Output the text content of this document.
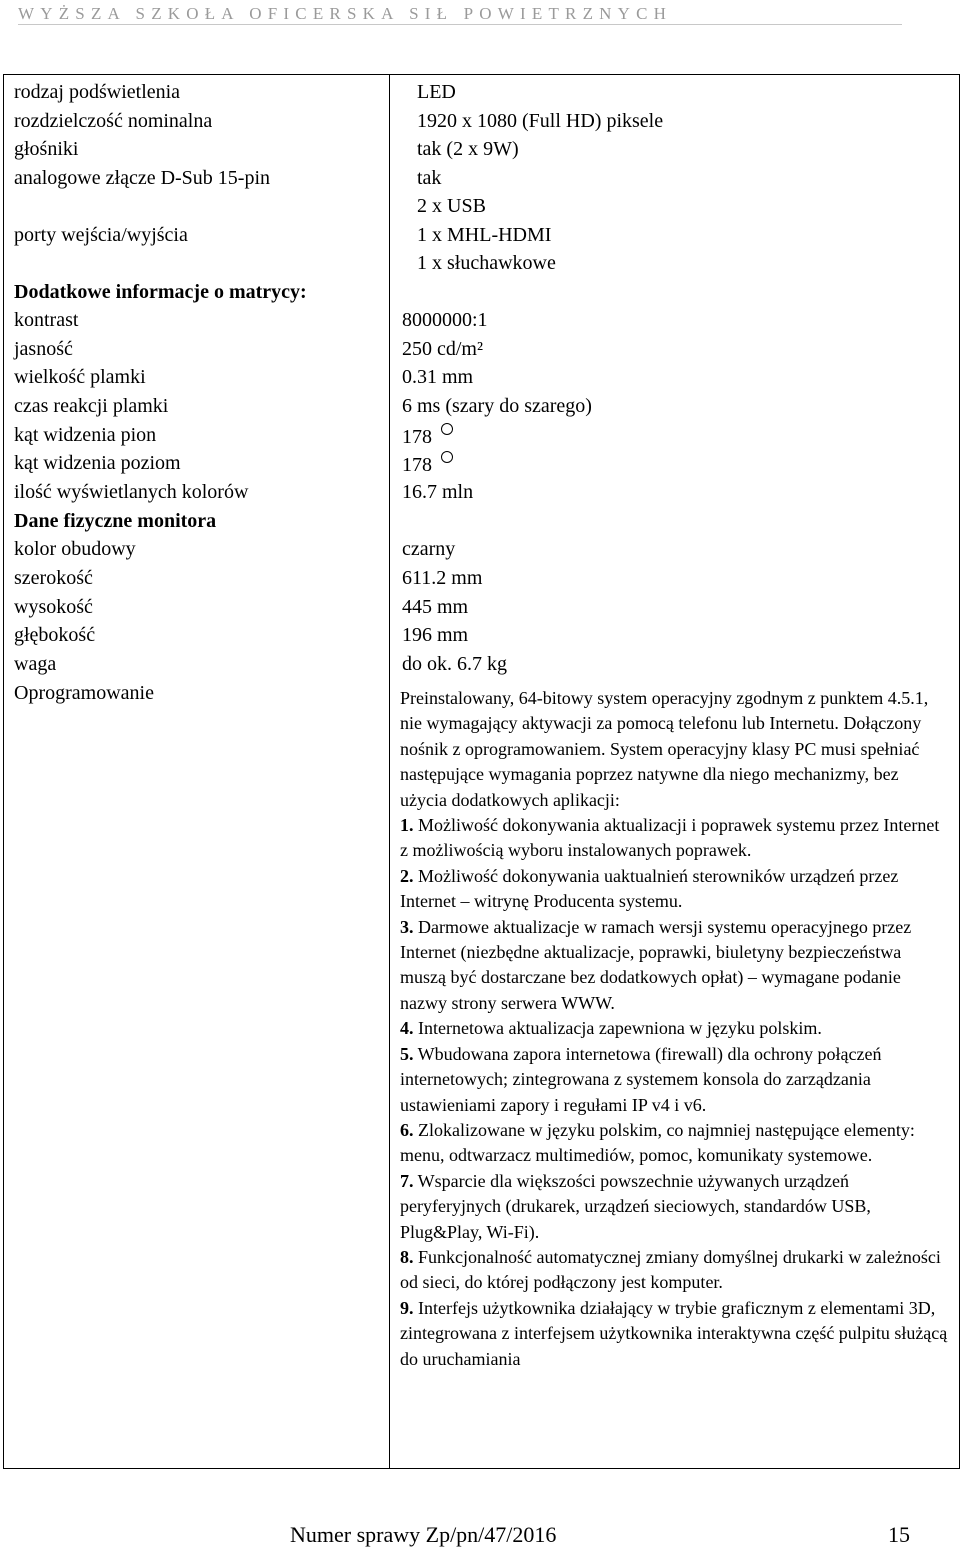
WYŻSZA SZKOŁA OFICERSKA SIŁ POWIETRZNYCH
rodzaj podświetlenia
rozdzielczość nominalna
głośniki
analogowe złącze D-Sub 15-pin
porty wejścia/wyjścia
Dodatkowe informacje o matrycy:
kontrast
jasność
wielkość plamki
czas reakcji plamki
kąt widzenia pion
kąt widzenia poziom
ilość wyświetlanych kolorów
Dane fizyczne monitora
kolor obudowy
szerokość
wysokość
głębokość
waga
Oprogramowanie
LED
1920 x 1080 (Full HD) piksele
tak (2 x 9W)
tak
2 x USB
1 x MHL-HDMI
1 x słuchawkowe
8000000:1
250 cd/m²
0.31 mm
6 ms (szary do szarego)
178
178
16.7 mln
czarny
611.2 mm
445 mm
196 mm
do ok. 6.7 kg

Preinstalowany, 64-bitowy system operacyjny zgodnym z punktem 4.5.1, nie wymagający aktywacji za pomocą telefonu lub Internetu. Dołączony nośnik z oprogramowaniem. System operacyjny klasy PC musi spełniać następujące wymagania poprzez natywne dla niego mechanizmy, bez użycia dodatkowych aplikacji:

1. Możliwość dokonywania aktualizacji i poprawek systemu przez Internet z możliwością wyboru instalowanych poprawek.

2. Możliwość dokonywania uaktualnień sterowników urządzeń przez Internet – witrynę Producenta systemu.

3. Darmowe aktualizacje w ramach wersji systemu operacyjnego przez Internet (niezbędne aktualizacje, poprawki, biuletyny bezpieczeństwa muszą być dostarczane bez dodatkowych opłat) – wymagane podanie nazwy strony serwera WWW.

4. Internetowa aktualizacja zapewniona w języku polskim.

5. Wbudowana zapora internetowa (firewall) dla ochrony połączeń internetowych; zintegrowana z systemem konsola do zarządzania ustawieniami zapory i regułami IP v4 i v6.

6. Zlokalizowane w języku polskim, co najmniej następujące elementy: menu, odtwarzacz multimediów, pomoc, komunikaty systemowe.

7. Wsparcie dla większości powszechnie używanych urządzeń peryferyjnych (drukarek, urządzeń sieciowych, standardów USB, Plug&Play, Wi-Fi).

8. Funkcjonalność automatycznej zmiany domyślnej drukarki w zależności od sieci, do której podłączony jest komputer.

9. Interfejs użytkownika działający w trybie graficznym z elementami 3D, zintegrowana z interfejsem użytkownika interaktywna część pulpitu służącą do uruchamiania

Numer sprawy Zp/pn/47/2016	15
